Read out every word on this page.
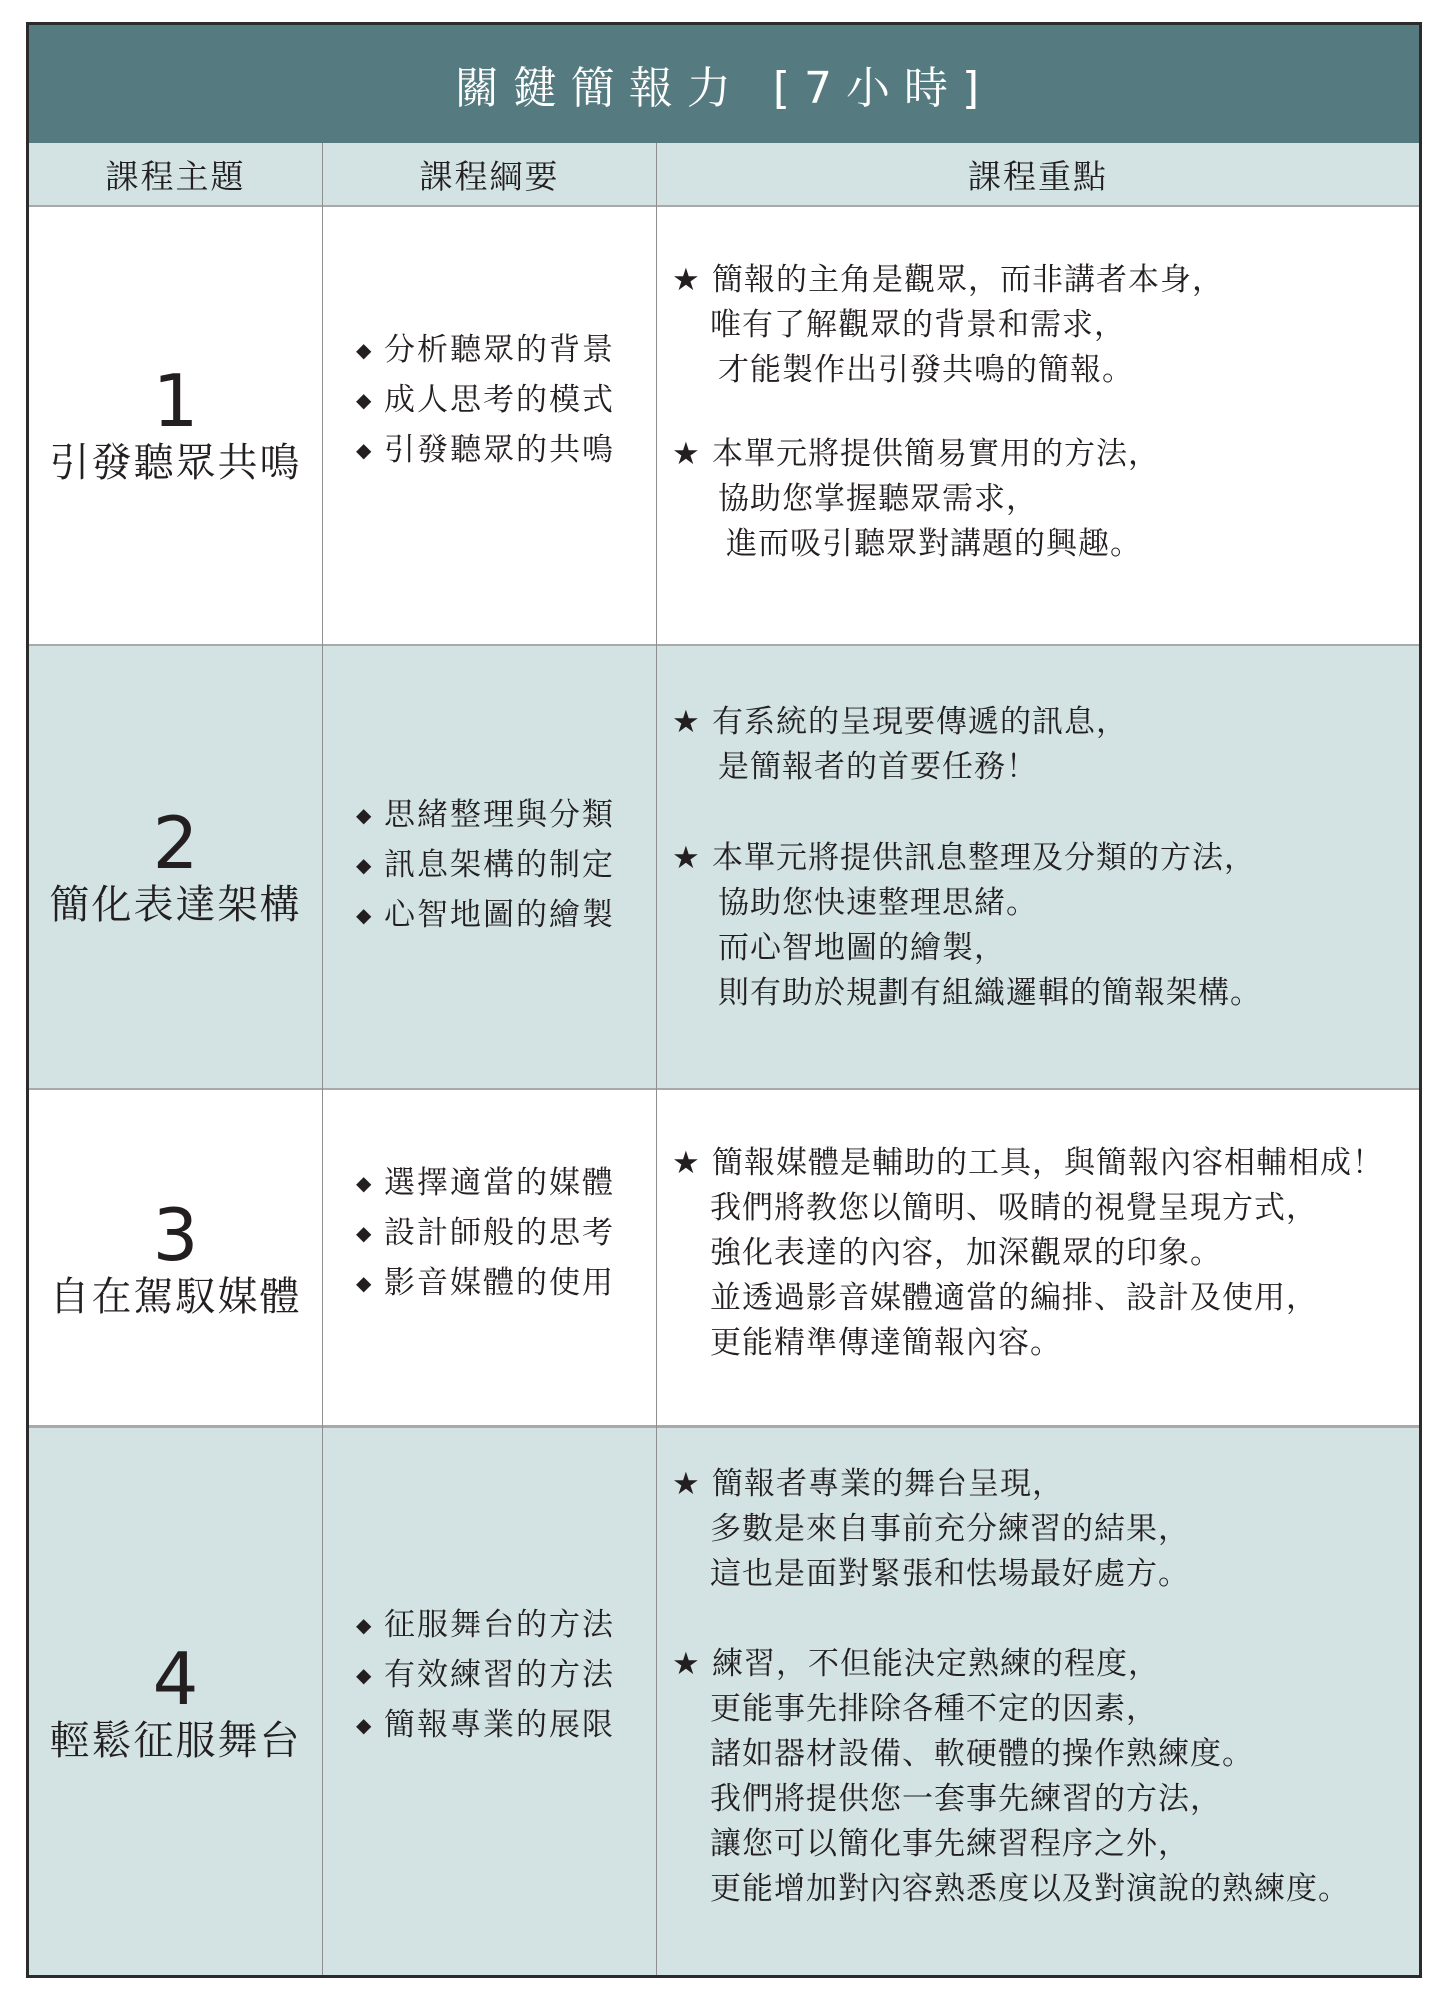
關鍵簡報力 [7小時]
課程主題	課程綱要	課程重點
1
引發聽眾共鳴
◆ 分析聽眾的背景
◆ 成人思考的模式
◆ 引發聽眾的共鳴
★ 簡報的主角是觀眾，而非講者本身，
唯有了解觀眾的背景和需求，
才能製作出引發共鳴的簡報。
★ 本單元將提供簡易實用的方法，
協助您掌握聽眾需求，
進而吸引聽眾對講題的興趣。
2
簡化表達架構
◆ 思緒整理與分類
◆ 訊息架構的制定
◆ 心智地圖的繪製
★ 有系統的呈現要傳遞的訊息，
是簡報者的首要任務！
★ 本單元將提供訊息整理及分類的方法，
協助您快速整理思緒。
而心智地圖的繪製，
則有助於規劃有組織邏輯的簡報架構。
3
自在駕馭媒體
◆ 選擇適當的媒體
◆ 設計師般的思考
◆ 影音媒體的使用
★ 簡報媒體是輔助的工具，與簡報內容相輔相成！
我們將教您以簡明、吸睛的視覺呈現方式，
強化表達的內容，加深觀眾的印象。
並透過影音媒體適當的編排、設計及使用，
更能精準傳達簡報內容。
4
輕鬆征服舞台
◆ 征服舞台的方法
◆ 有效練習的方法
◆ 簡報專業的展限
★ 簡報者專業的舞台呈現，
多數是來自事前充分練習的結果，
這也是面對緊張和怯場最好處方。
★ 練習，不但能決定熟練的程度，
更能事先排除各種不定的因素，
諸如器材設備、軟硬體的操作熟練度。
我們將提供您一套事先練習的方法，
讓您可以簡化事先練習程序之外，
更能增加對內容熟悉度以及對演說的熟練度。
